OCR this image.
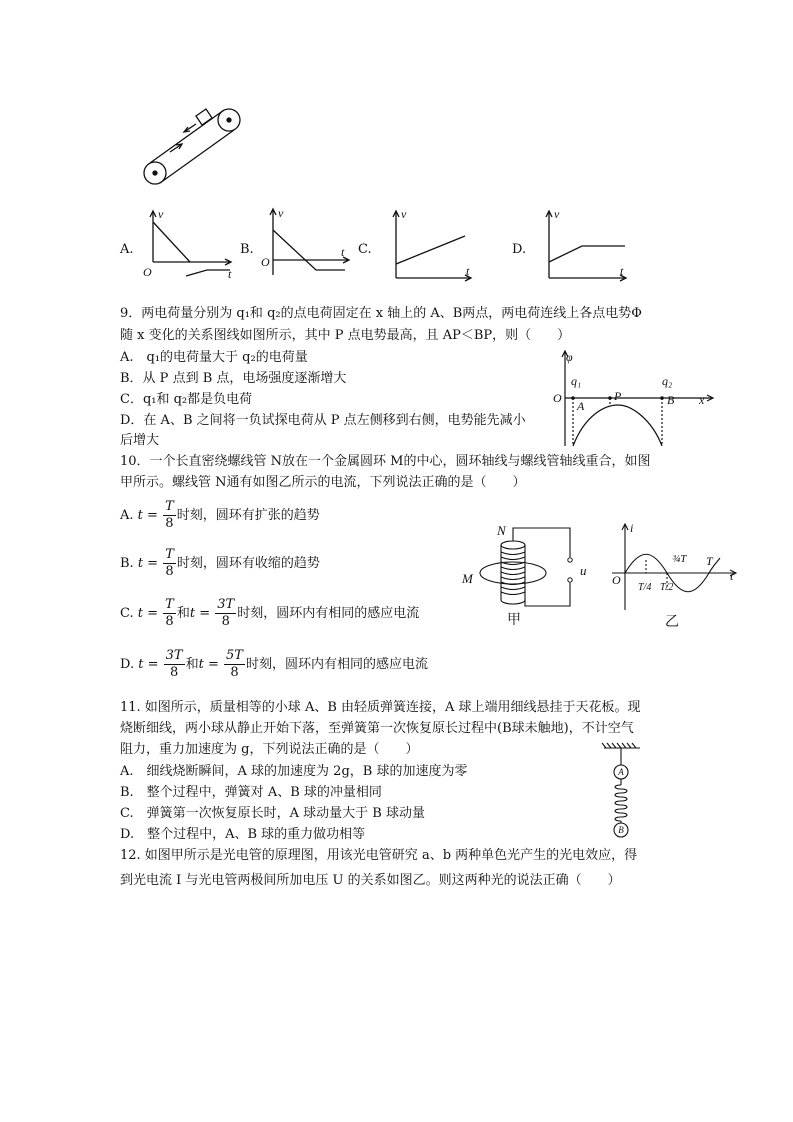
v
t
O
v
t
O
v
t
v
t
A.	B.	C.	D.
9．两电荷量分别为 q₁和 q₂的点电荷固定在 x 轴上的 A、B两点，两电荷连线上各点电势Φ
随 x 变化的关系图线如图所示，其中 P 点电势最高，且 AP＜BP，则（　　）
A.　q₁的电荷量大于 q₂的电荷量
B．从 P 点到 B 点，电场强度逐渐增大
C．q₁和 q₂都是负电荷
D．在 A、B 之间将一负试探电荷从 P 点左侧移到右侧，电势能先减小
后增大
φ
O
q₁	q₂
A
P	B x
10．一个长直密绕螺线管 N放在一个金属圆环 M的中心，圆环轴线与螺线管轴线重合，如图
甲所示。螺线管 N通有如图乙所示的电流，下列说法正确的是（　　）
A. $t = \frac{T}{8}$ 时刻，圆环有扩张的趋势
B. $t = \frac{T}{8}$ 时刻，圆环有收缩的趋势
C. $t = \frac{T}{8}$ 和$t = \frac{3T}{8}$ 时刻，圆环内有相同的感应电流
D. $t = \frac{3T}{8}$ 和$t = \frac{5T}{8}$ 时刻，圆环内有相同的感应电流
N
M
u
甲
i
O	t
T
¾T
T/4 T/2
乙
11. 如图所示，质量相等的小球 A、B 由轻质弹簧连接，A 球上端用细线悬挂于天花板。现
烧断细线，两小球从静止开始下落，至弹簧第一次恢复原长过程中(B球未触地)，不计空气
阻力，重力加速度为 g，下列说法正确的是（　　）
A.　细线烧断瞬间，A 球的加速度为 2g，B 球的加速度为零
B.　整个过程中，弹簧对 A、B 球的冲量相同
C.　弹簧第一次恢复原长时，A 球动量大于 B 球动量
D.　整个过程中，A、B 球的重力做功相等
A
B
12. 如图甲所示是光电管的原理图，用该光电管研究 a、b 两种单色光产生的光电效应，得
到光电流 I 与光电管两极间所加电压 U 的关系如图乙。则这两种光的说法正确（　　）
